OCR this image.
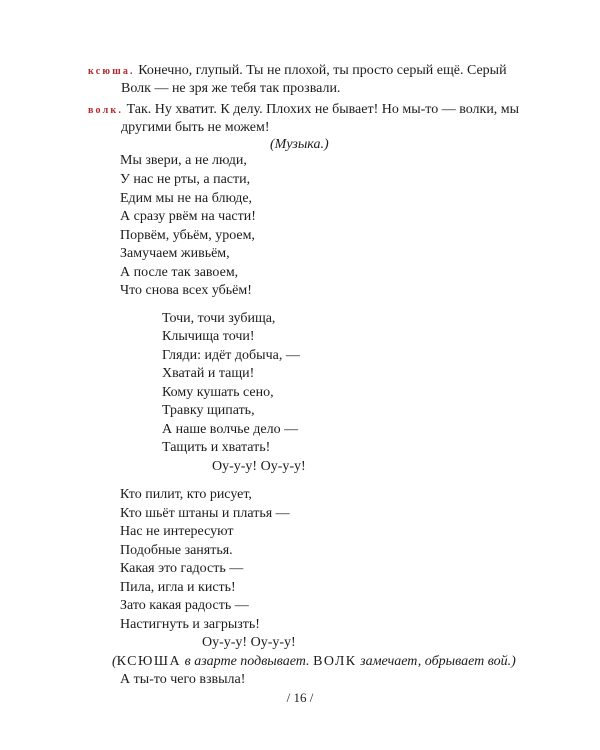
ксюша. Конечно, глупый. Ты не плохой, ты просто серый ещё. Серый
Волк — не зря же тебя так прозвали.
волк. Так. Ну хватит. К делу. Плохих не бывает! Но мы-то — волки, мы
другими быть не можем!
(Музыка.)
Мы звери, а не люди,
У нас не рты, а пасти,
Едим мы не на блюде,
А сразу рвём на части!
Порвём, убьём, уроем,
Замучаем живьём,
А после так завоем,
Что снова всех убьём!
Точи, точи зубища,
Клычища точи!
Гляди: идёт добыча, —
Хватай и тащи!
Кому кушать сено,
Травку щипать,
А наше волчье дело —
Тащить и хватать!
Оу-у-у! Оу-у-у!
Кто пилит, кто рисует,
Кто шьёт штаны и платья —
Нас не интересуют
Подобные занятья.
Какая это гадость —
Пила, игла и кисть!
Зато какая радость —
Настигнуть и загрызть!
Оу-у-у! Оу-у-у!
(КСЮША в азарте подвывает. ВОЛК замечает, обрывает вой.)
А ты-то чего взвыла!
/ 16 /
